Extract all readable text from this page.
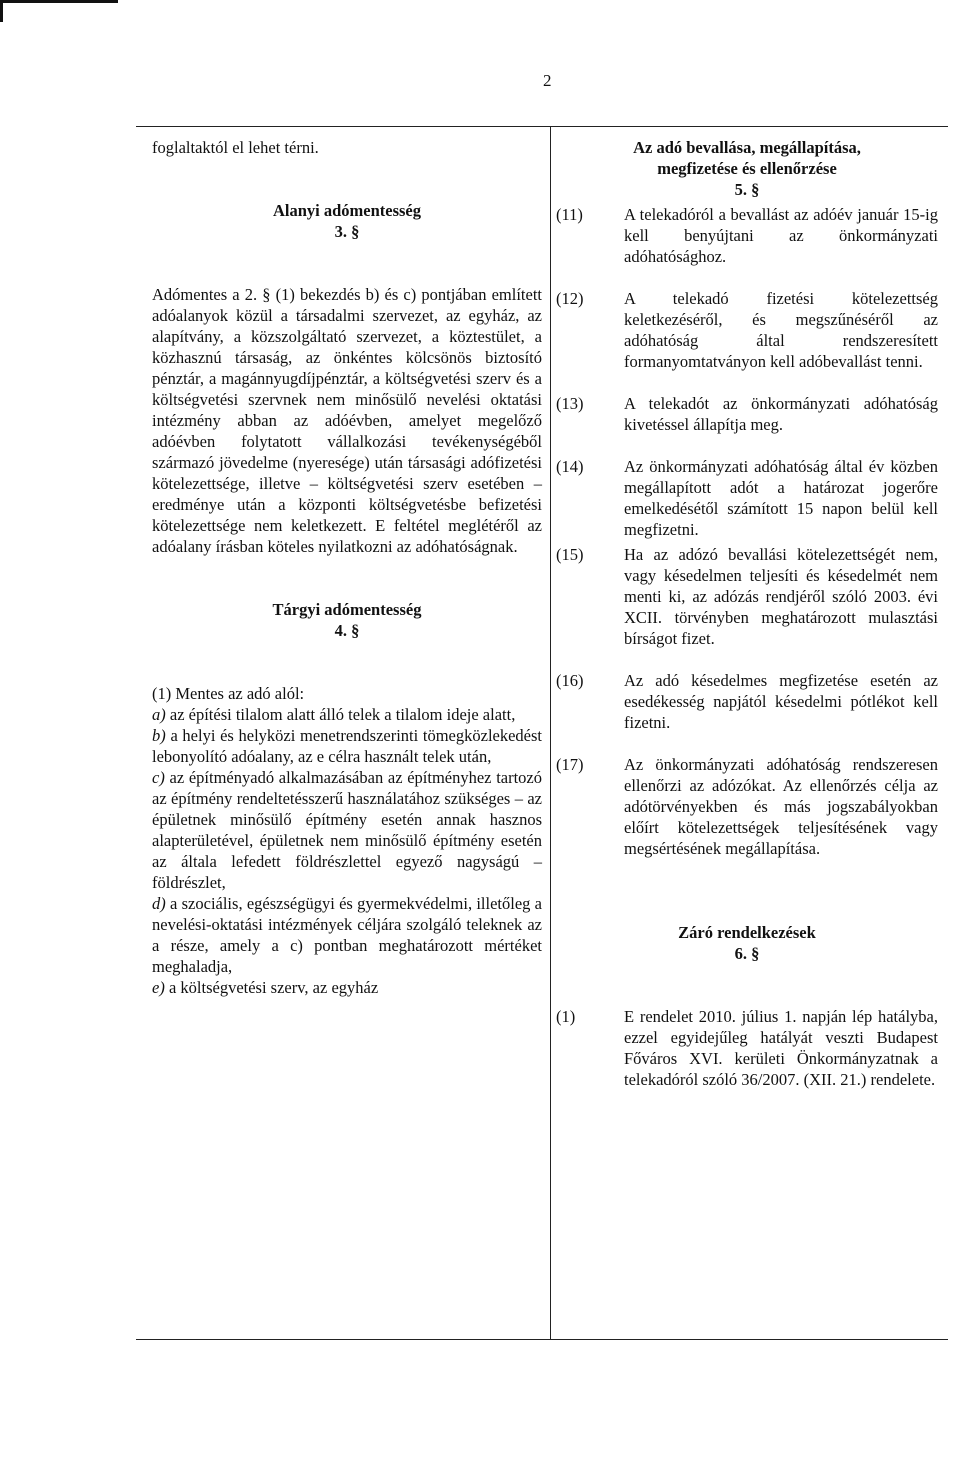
2

foglaltaktól el lehet térni.

Alanyi adómentesség

3. §

Adómentes a 2. § (1) bekezdés b) és c) pontjában említett adóalanyok közül a társadalmi szervezet, az egyház, az alapítvány, a közszolgáltató szervezet, a köztestület, a közhasznú társaság, az önkéntes kölcsönös biztosító pénztár, a magánnyugdíjpénztár, a költségvetési szerv és a költségvetési szervnek nem minősülő nevelési oktatási intézmény abban az adóévben, amelyet megelőző adóévben folytatott vállalkozási tevékenységéből származó jövedelme (nyeresége) után társasági adófizetési kötelezettsége, illetve – költségvetési szerv esetében – eredménye után a központi költségvetésbe befizetési kötelezettsége nem keletkezett. E feltétel meglétéről az adóalany írásban köteles nyilatkozni az adóhatóságnak.

Tárgyi adómentesség

4. §

(1) Mentes az adó alól:

a) az építési tilalom alatt álló telek a tilalom ideje alatt,

b) a helyi és helyközi menetrendszerinti tömegközlekedést lebonyolító adóalany, az e célra használt telek után,

c) az építményadó alkalmazásában az építményhez tartozó az építmény rendeltetésszerű használatához szükséges – az épületnek minősülő építmény esetén annak hasznos alapterületével, épületnek nem minősülő építmény esetén az általa lefedett földrészlettel egyező nagyságú – földrészlet,

d) a szociális, egészségügyi és gyermekvédelmi, illetőleg a nevelési-oktatási intézmények céljára szolgáló teleknek az a része, amely a c) pontban meghatározott mértéket meghaladja,

e) a költségvetési szerv, az egyház

Az adó bevallása, megállapítása,

megfizetése és ellenőrzése

5. §

(11) A telekadóról a bevallást az adóév január 15-ig kell benyújtani az önkormányzati adóhatósághoz.
(12) A telekadó fizetési kötelezettség keletkezéséről, és megszűnéséről az adóhatóság által rendszeresített formanyomtatványon kell adóbevallást tenni.
(13) A telekadót az önkormányzati adóhatóság kivetéssel állapítja meg.
(14) Az önkormányzati adóhatóság által év közben megállapított adót a határozat jogerőre emelkedésétől számított 15 napon belül kell megfizetni.
(15) Ha az adózó bevallási kötelezettségét nem, vagy késedelmen teljesíti és késedelmét nem menti ki, az adózás rendjéről szóló 2003. évi XCII. törvényben meghatározott mulasztási bírságot fizet.
(16) Az adó késedelmes megfizetése esetén az esedékesség napjától késedelmi pótlékot kell fizetni.
(17) Az önkormányzati adóhatóság rendszeresen ellenőrzi az adózókat. Az ellenőrzés célja az adótörvényekben és más jogszabályokban előírt kötelezettségek teljesítésének vagy megsértésének megállapítása.

Záró rendelkezések

6. §

(1)	E rendelet 2010. július 1. napján lép hatályba, ezzel egyidejűleg hatályát veszti Budapest Főváros XVI. kerületi Önkormányzatnak a telekadóról szóló 36/2007. (XII. 21.) rendelete.
